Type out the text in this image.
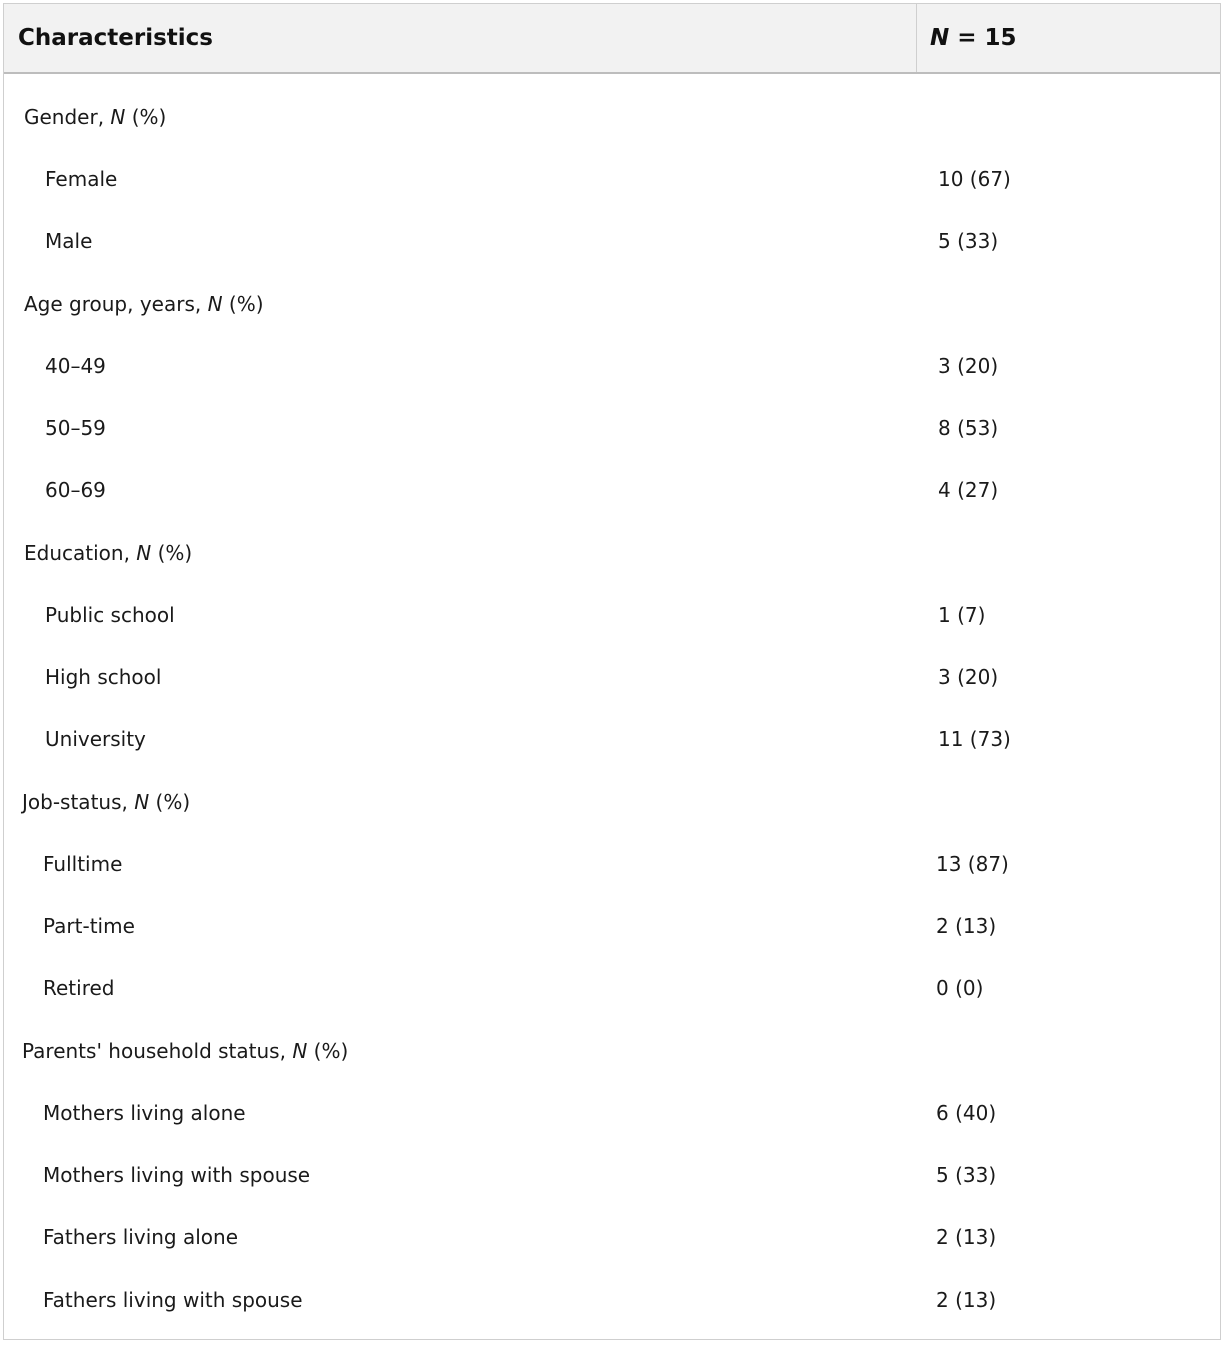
Characteristics	N = 15
Gender, N (%)
Female	10 (67)
Male	5 (33)
Age group, years, N (%)
40–49	3 (20)
50–59	8 (53)
60–69	4 (27)
Education, N (%)
Public school	1 (7)
High school	3 (20)
University	11 (73)
Job-status, N (%)
Fulltime	13 (87)
Part-time	2 (13)
Retired	0 (0)
Parents' household status, N (%)
Mothers living alone	6 (40)
Mothers living with spouse	5 (33)
Fathers living alone	2 (13)
Fathers living with spouse	2 (13)
